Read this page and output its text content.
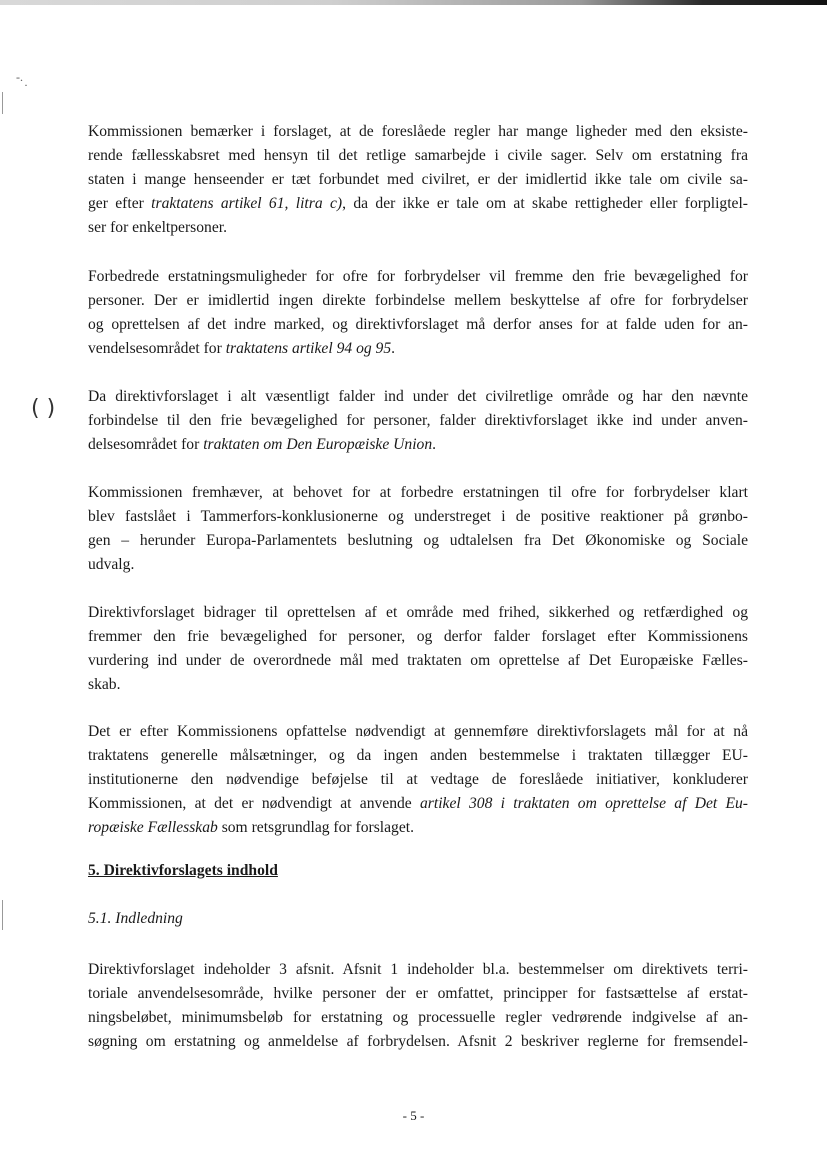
-.
·
( )
Kommissionen bemærker i forslaget, at de foreslåede regler har mange ligheder med den eksiste-
rende fællesskabsret med hensyn til det retlige samarbejde i civile sager. Selv om erstatning fra
staten i mange henseender er tæt forbundet med civilret, er der imidlertid ikke tale om civile sa-
ger efter traktatens artikel 61, litra c), da der ikke er tale om at skabe rettigheder eller forpligtel-
ser for enkeltpersoner.
Forbedrede erstatningsmuligheder for ofre for forbrydelser vil fremme den frie bevægelighed for
personer. Der er imidlertid ingen direkte forbindelse mellem beskyttelse af ofre for forbrydelser
og oprettelsen af det indre marked, og direktivforslaget må derfor anses for at falde uden for an-
vendelsesområdet for traktatens artikel 94 og 95.
Da direktivforslaget i alt væsentligt falder ind under det civilretlige område og har den nævnte
forbindelse til den frie bevægelighed for personer, falder direktivforslaget ikke ind under anven-
delsesområdet for traktaten om Den Europæiske Union.
Kommissionen fremhæver, at behovet for at forbedre erstatningen til ofre for forbrydelser klart
blev fastslået i Tammerfors-konklusionerne og understreget i de positive reaktioner på grønbo-
gen – herunder Europa-Parlamentets beslutning og udtalelsen fra Det Økonomiske og Sociale
udvalg.
Direktivforslaget bidrager til oprettelsen af et område med frihed, sikkerhed og retfærdighed og
fremmer den frie bevægelighed for personer, og derfor falder forslaget efter Kommissionens
vurdering ind under de overordnede mål med traktaten om oprettelse af Det Europæiske Fælles-
skab.
Det er efter Kommissionens opfattelse nødvendigt at gennemføre direktivforslagets mål for at nå
traktatens generelle målsætninger, og da ingen anden bestemmelse i traktaten tillægger EU-
institutionerne den nødvendige beføjelse til at vedtage de foreslåede initiativer, konkluderer
Kommissionen, at det er nødvendigt at anvende artikel 308 i traktaten om oprettelse af Det Eu-
ropæiske Fællesskab som retsgrundlag for forslaget.
5. Direktivforslagets indhold
5.1. Indledning
Direktivforslaget indeholder 3 afsnit. Afsnit 1 indeholder bl.a. bestemmelser om direktivets terri-
toriale anvendelsesområde, hvilke personer der er omfattet, principper for fastsættelse af erstat-
ningsbeløbet, minimumsbeløb for erstatning og processuelle regler vedrørende indgivelse af an-
søgning om erstatning og anmeldelse af forbrydelsen. Afsnit 2 beskriver reglerne for fremsendel-
- 5 -
